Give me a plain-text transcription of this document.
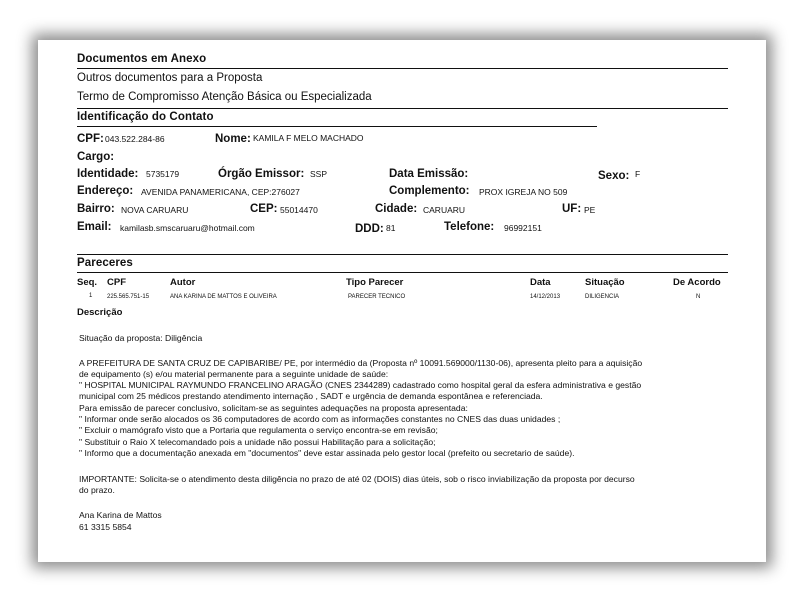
Documentos em Anexo
Outros documentos para a Proposta
Termo de Compromisso Atenção Básica ou Especializada
Identificação do Contato
CPF: 043.522.284-86	Nome: KAMILA F MELO MACHADO
Cargo:
Identidade: 5735179	Órgão Emissor: SSP	Data Emissão:	Sexo: F
Endereço: AVENIDA PANAMERICANA, CEP:276027	Complemento: PROX IGREJA NO 509
Bairro: NOVA CARUARU	CEP: 55014470	Cidade: CARUARU	UF: PE
Email: kamilasb.smscaruaru@hotmail.com	DDD: 81	Telefone: 96992151
Pareceres
Seq. CPF	Autor	Tipo Parecer	Data	Situação	De Acordo
1 225.565.751-15	ANA KARINA DE MATTOS E OLIVEIRA	PARECER TECNICO	14/12/2013	DILIGENCIA	N
Descrição
Situação da proposta: Diligência
A PREFEITURA DE SANTA CRUZ DE CAPIBARIBE/ PE, por intermédio da (Proposta nº 10091.569000/1130-06), apresenta pleito para a aquisição
de equipamento (s) e/ou material permanente para a seguinte unidade de saúde:
" HOSPITAL MUNICIPAL RAYMUNDO FRANCELINO ARAGÃO (CNES 2344289) cadastrado como hospital geral da esfera administrativa e gestão
municipal com 25 médicos prestando atendimento internação , SADT e urgência de demanda espontânea e referenciada.
Para emissão de parecer conclusivo, solicitam-se as seguintes adequações na proposta apresentada:
" Informar onde serão alocados os 36 computadores de acordo com as informações constantes no CNES das duas unidades ;
" Excluir o mamógrafo visto que a Portaria que regulamenta o serviço encontra-se em revisão;
" Substituir o Raio X telecomandado pois a unidade não possui Habilitação para a solicitação;
" Informo que a documentação anexada em "documentos" deve estar assinada pelo gestor local (prefeito ou secretario de saúde).
IMPORTANTE: Solicita-se o atendimento desta diligência no prazo de até 02 (DOIS) dias úteis, sob o risco inviabilização da proposta por decurso
do prazo.
Ana Karina de Mattos
61 3315 5854
